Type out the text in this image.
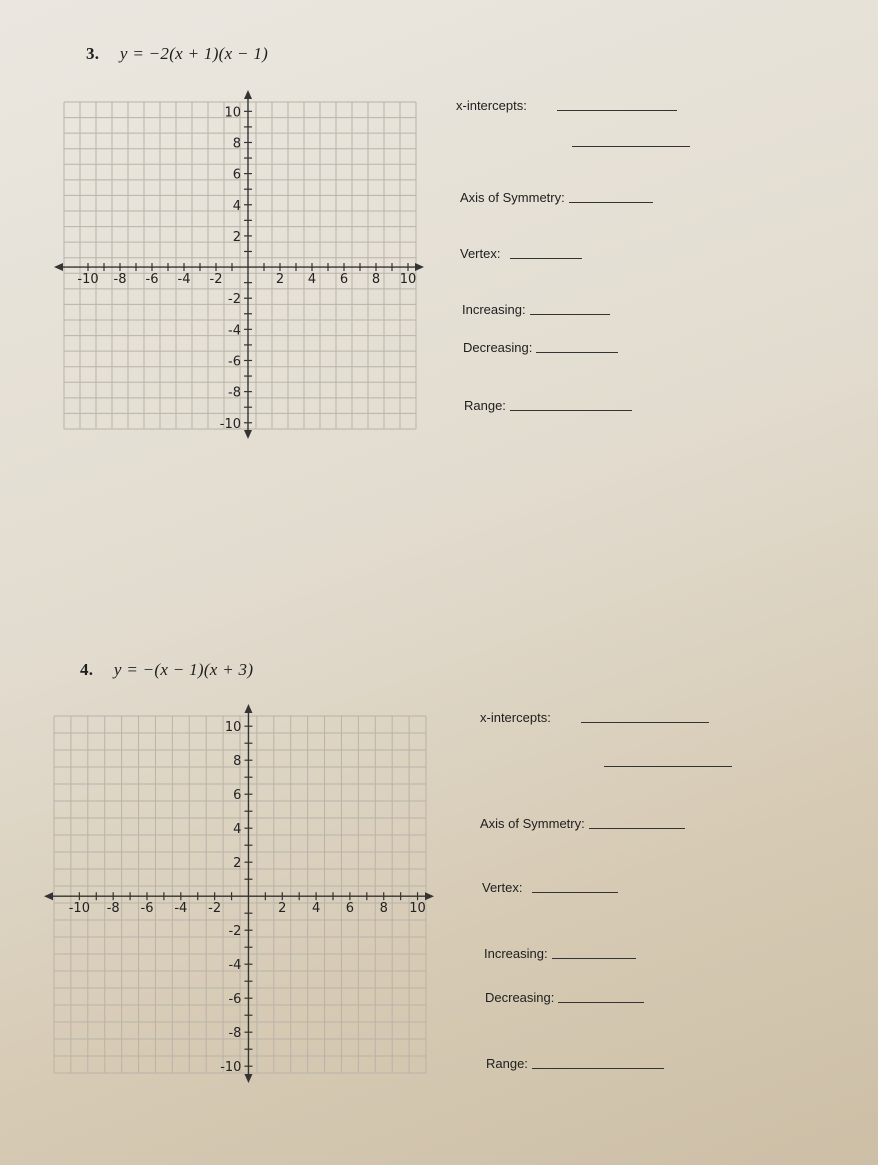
3. y = −2(x + 1)(x − 1)
-10 -8 -6 -4 -2	2 4 6 8 10
10
8
6
4
2
-2
-4
-6
-8
-10
x-intercepts:
Axis of Symmetry:
Vertex:
Increasing:
Decreasing:
Range:
4. y = −(x − 1)(x + 3)
-10 -8 -6 -4 -2	2 4 6 8 10
10
8
6
4
2
-2
-4
-6
-8
-10
x-intercepts:
Axis of Symmetry:
Vertex:
Increasing:
Decreasing:
Range:
